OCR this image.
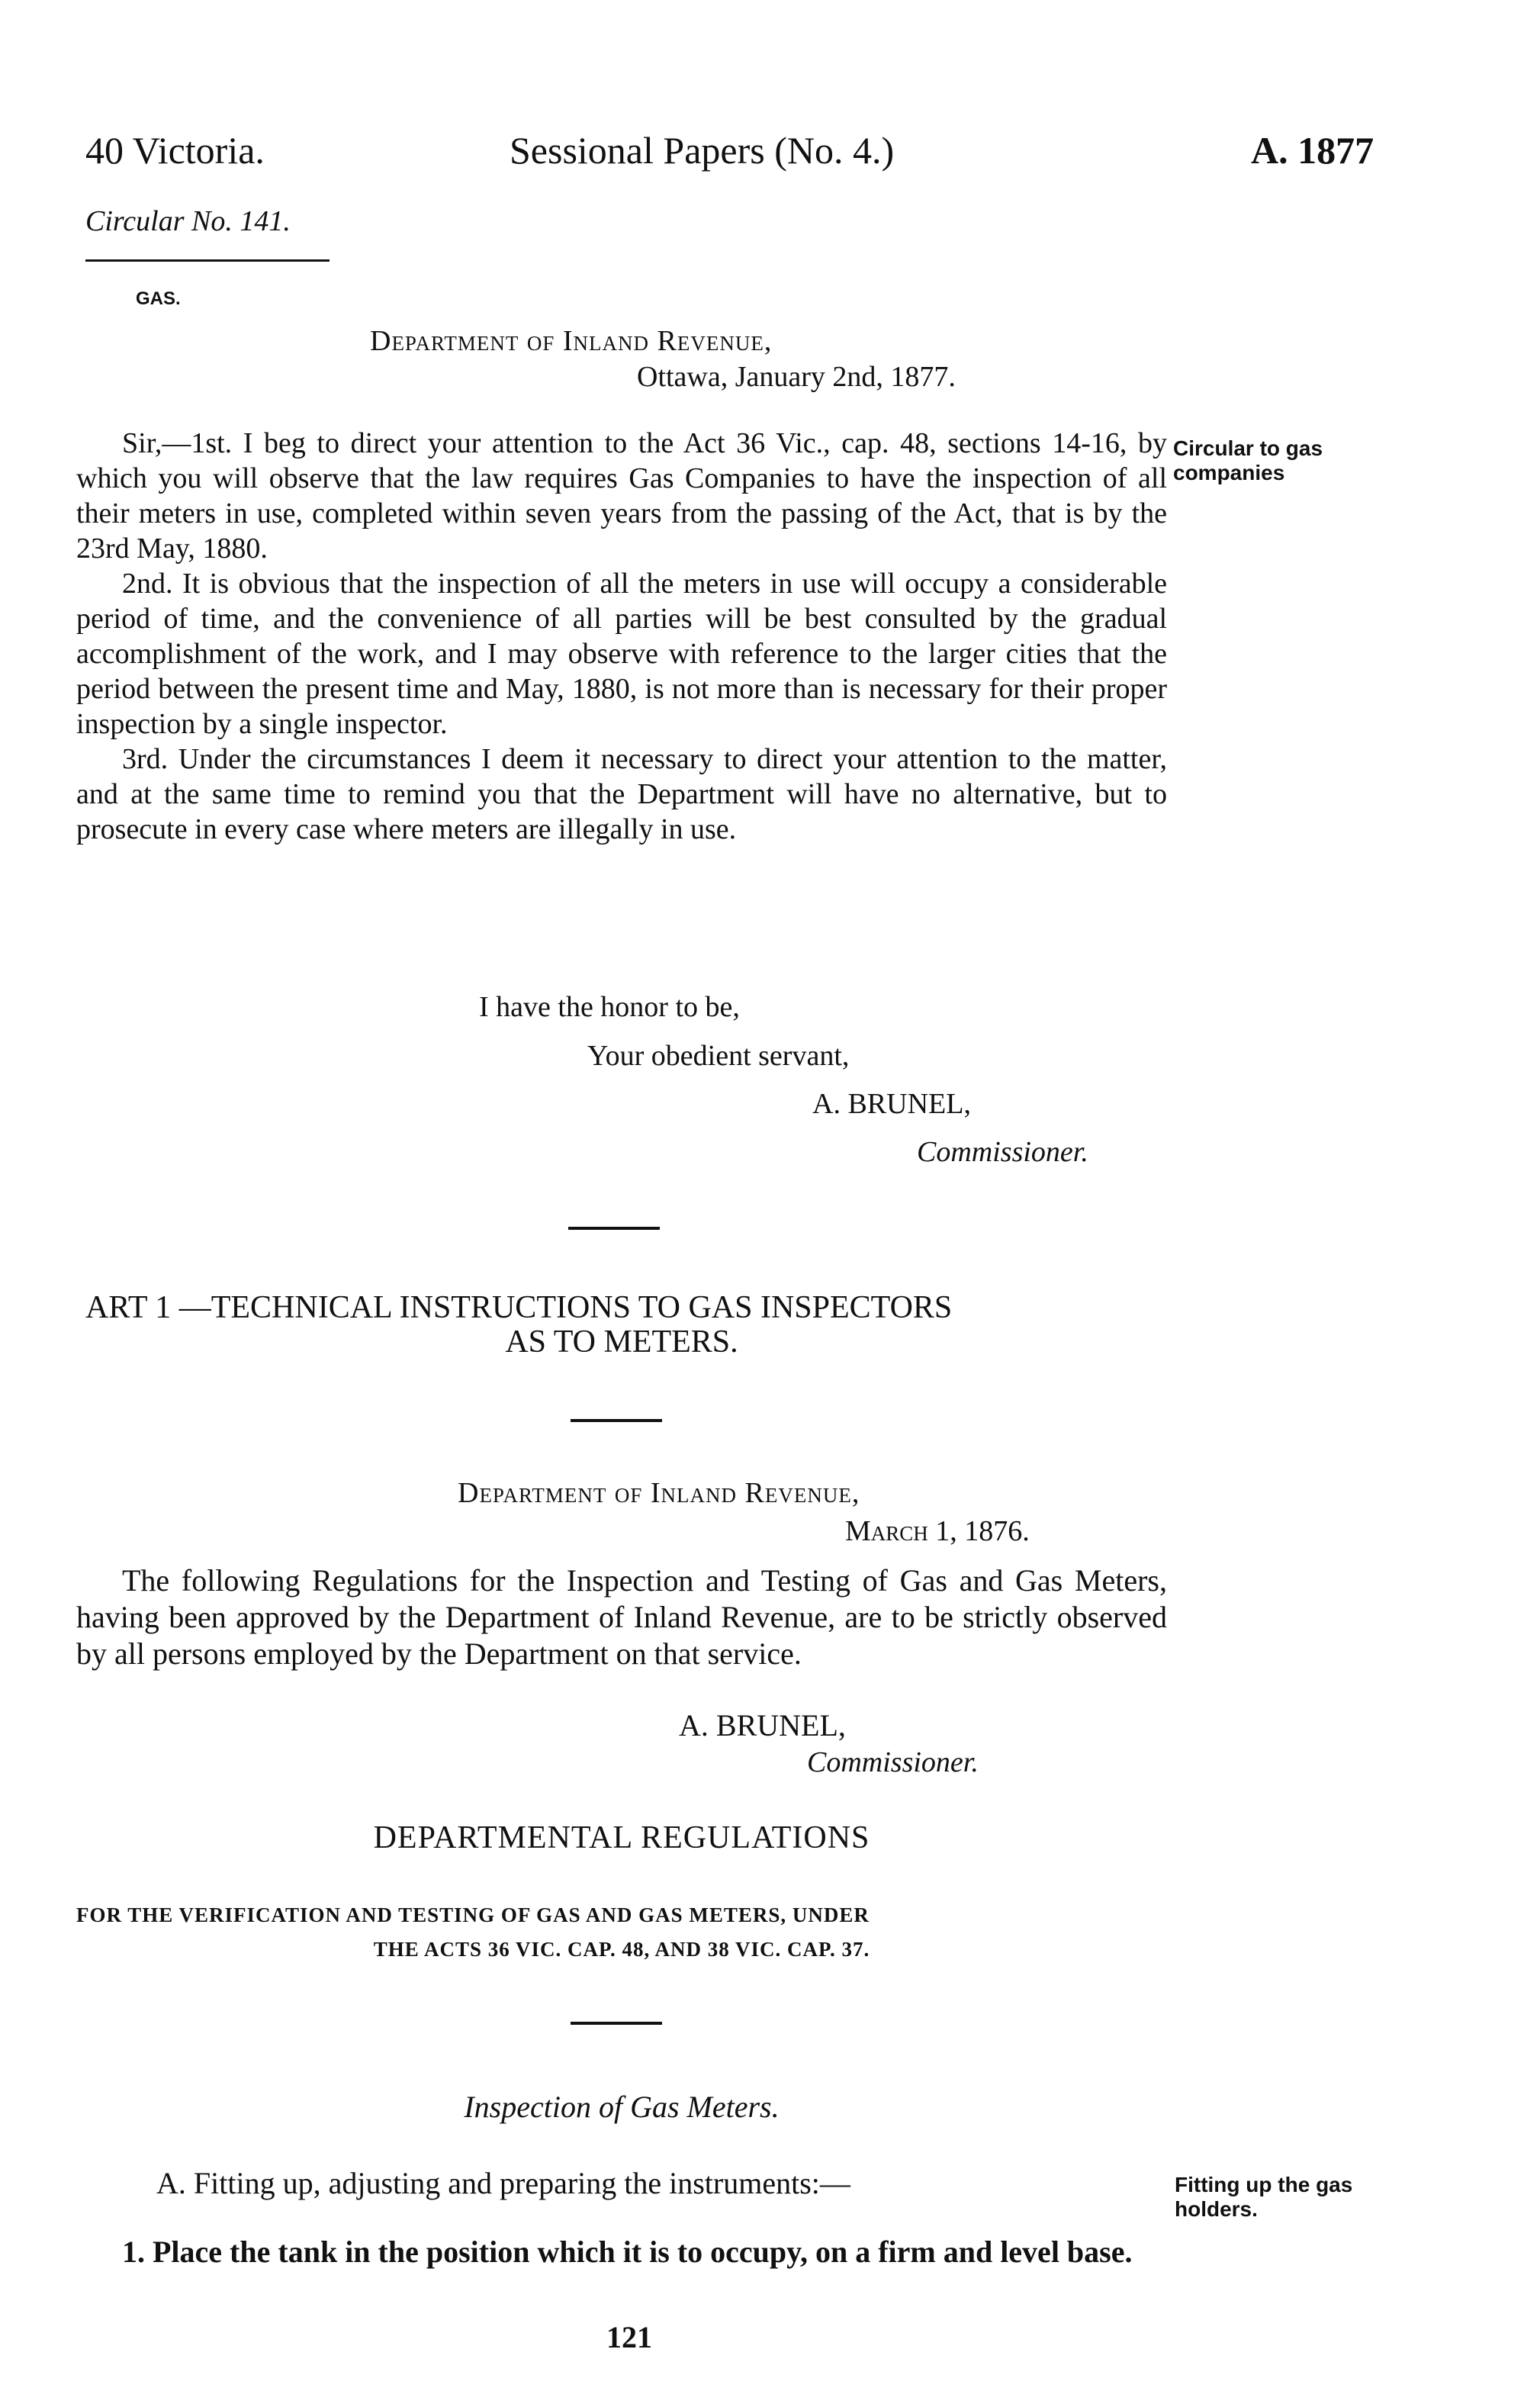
40 Victoria.	Sessional Papers (No. 4.)	A. 1877
Circular No. 141.
GAS.
Department of Inland Revenue,
Ottawa, January 2nd, 1877.

Sir,—1st. I beg to direct your attention to the Act 36 Vic., cap. 48, sections 14-16, by which you will observe that the law requires Gas Companies to have the inspection of all their meters in use, completed within seven years from the passing of the Act, that is by the 23rd May, 1880.

2nd. It is obvious that the inspection of all the meters in use will occupy a considerable period of time, and the convenience of all parties will be best consulted by the gradual accomplishment of the work, and I may observe with reference to the larger cities that the period between the present time and May, 1880, is not more than is necessary for their proper inspection by a single inspector.

3rd. Under the circumstances I deem it necessary to direct your attention to the matter, and at the same time to remind you that the Department will have no alternative, but to prosecute in every case where meters are illegally in use.

Circular to gas companies
I have the honor to be,
Your obedient servant,
A. BRUNEL,
Commissioner.
ART 1 —TECHNICAL INSTRUCTIONS TO GAS INSPECTORS
AS TO METERS.
Department of Inland Revenue,
March 1, 1876.

The following Regulations for the Inspection and Testing of Gas and Gas Meters, having been approved by the Department of Inland Revenue, are to be strictly observed by all persons employed by the Department on that service.

A. BRUNEL,
Commissioner.
DEPARTMENTAL REGULATIONS
FOR THE VERIFICATION AND TESTING OF GAS AND GAS METERS, UNDER
THE ACTS 36 VIC. CAP. 48, AND 38 VIC. CAP. 37.
Inspection of Gas Meters.
A. Fitting up, adjusting and preparing the instruments:—	Fitting up the gas holders.

1. Place the tank in the position which it is to occupy, on a firm and level base.

121
